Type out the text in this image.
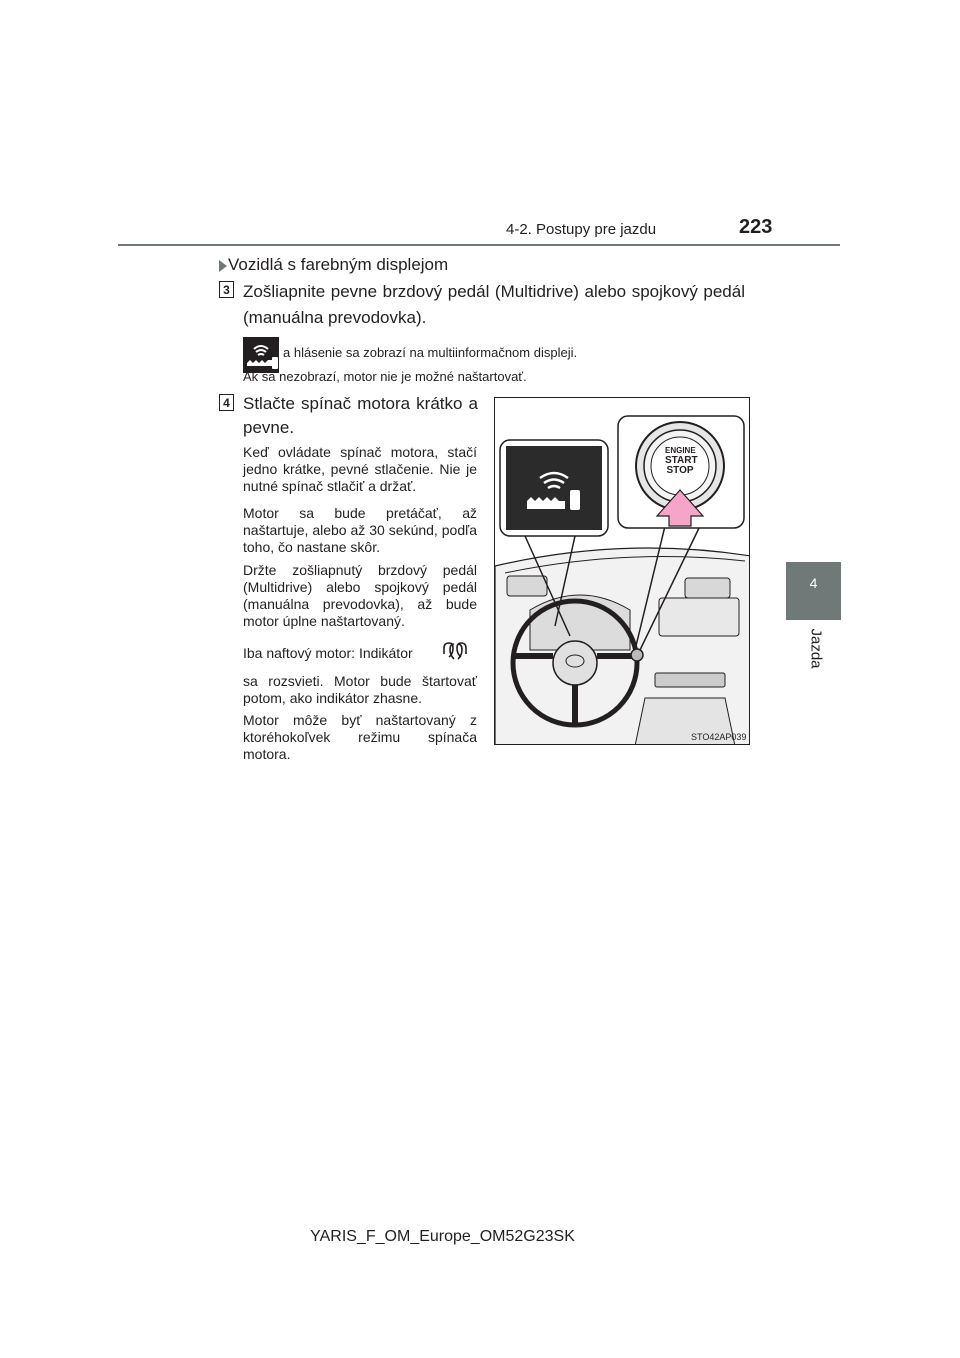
4-2. Postupy pre jazdu	223
4
Jazda
Vozidlá s farebným displejom
3 Zošliapnite pevne brzdový pedál (Multidrive) alebo spojkový pedál (manuálna prevodovka).
a hlásenie sa zobrazí na multiinformačnom displeji.
Ak sa nezobrazí, motor nie je možné naštartovať.
4 Stlačte spínač motora krátko a pevne.
Keď ovládate spínač motora, stačí jedno krátke, pevné stlačenie. Nie je nutné spínač stlačiť a držať.
Motor sa bude pretáčať, až naštartuje, alebo až 30 sekúnd, podľa toho, čo nastane skôr.
Držte zošliapnutý brzdový pedál (Multidrive) alebo spojkový pedál (manuálna prevodovka), až bude motor úplne naštartovaný.
Iba naftový motor: Indikátor
sa rozsvieti. Motor bude štartovať potom, ako indikátor zhasne.
Motor môže byť naštartovaný z ktoréhokoľvek režimu spínača motora.
ENGINE
START
STOP
STO42AP039
YARIS_F_OM_Europe_OM52G23SK
